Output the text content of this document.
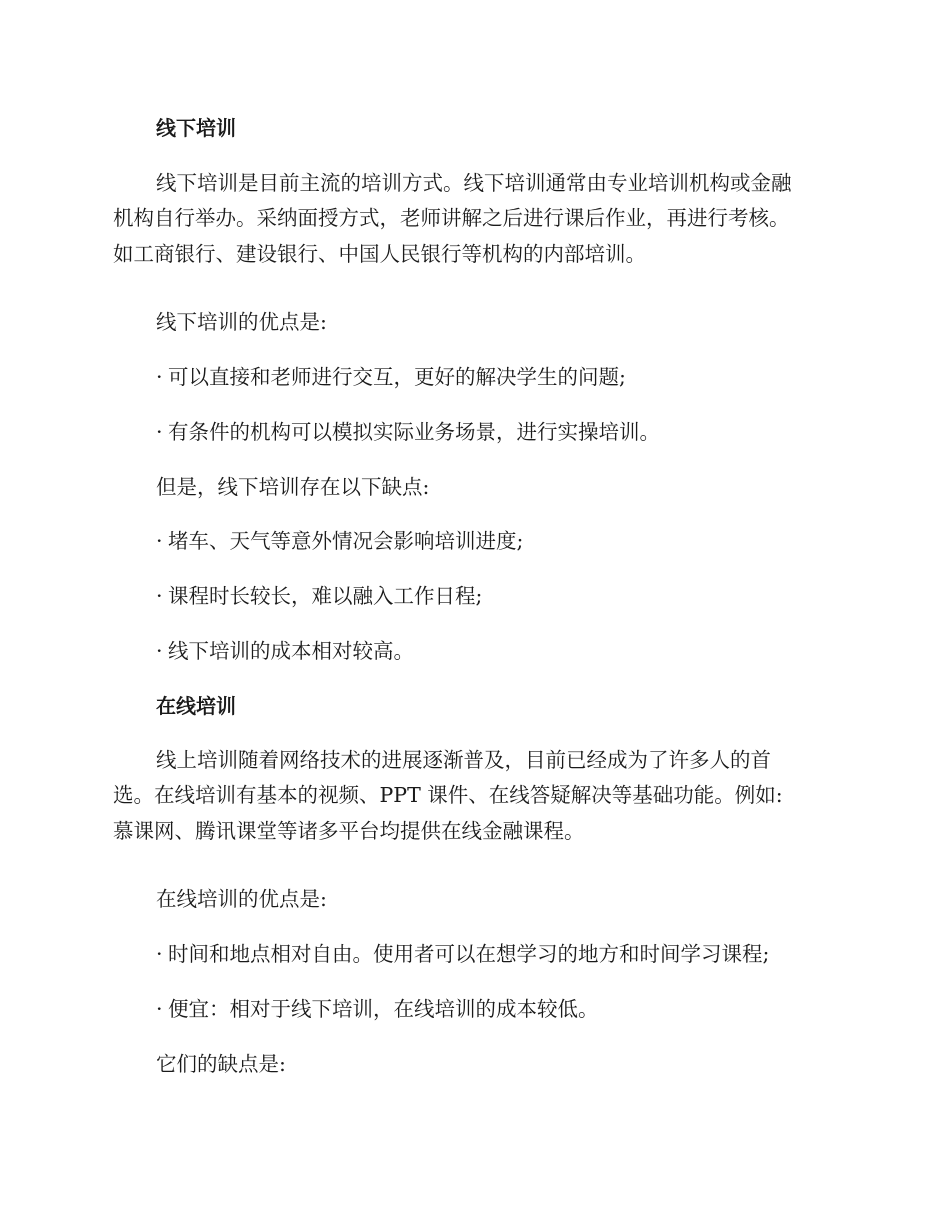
线下培训
线下培训是目前主流的培训方式。线下培训通常由专业培训机构或金融
机构自行举办。采纳面授方式，老师讲解之后进行课后作业，再进行考核。
如工商银行、建设银行、中国人民银行等机构的内部培训。
线下培训的优点是:
· 可以直接和老师进行交互，更好的解决学生的问题;
· 有条件的机构可以模拟实际业务场景，进行实操培训。
但是，线下培训存在以下缺点:
· 堵车、天气等意外情况会影响培训进度;
· 课程时长较长，难以融入工作日程;
· 线下培训的成本相对较高。
在线培训
线上培训随着网络技术的进展逐渐普及，目前已经成为了许多人的首
选。在线培训有基本的视频、PPT 课件、在线答疑解决等基础功能。例如:
慕课网、腾讯课堂等诸多平台均提供在线金融课程。
在线培训的优点是:
· 时间和地点相对自由。使用者可以在想学习的地方和时间学习课程;
· 便宜：相对于线下培训，在线培训的成本较低。
它们的缺点是:
